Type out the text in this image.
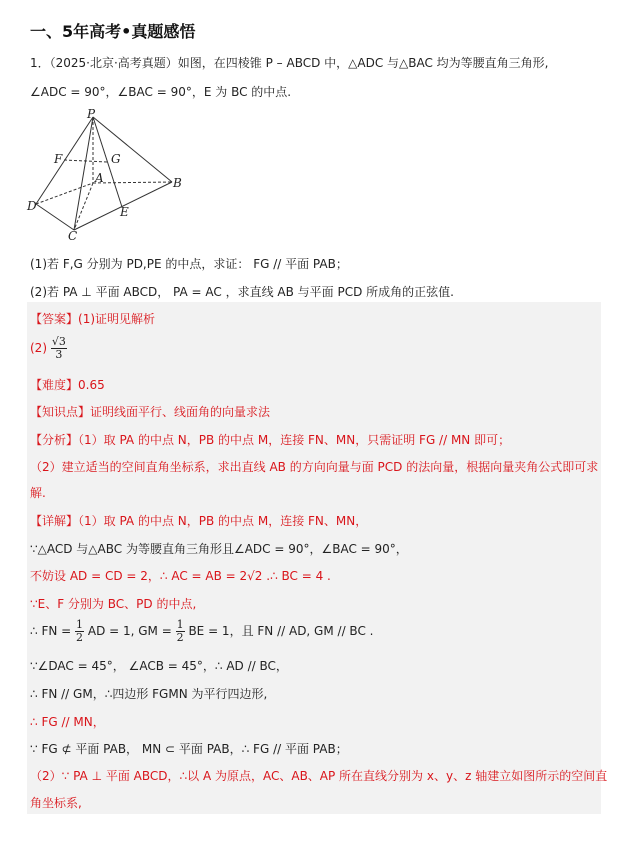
一、5年高考•真题感悟
1．（2025·北京·高考真题）如图，在四棱锥 P – ABCD 中，△ADC 与△BAC 均为等腰直角三角形,
∠ADC = 90°，∠BAC = 90°，E 为 BC 的中点.
P
F	G
A	B
D	E
C
(1)若 F,G 分别为 PD,PE 的中点，求证： FG // 平面 PAB；
(2)若 PA ⊥ 平面 ABCD， PA = AC ，求直线 AB 与平面 PCD 所成角的正弦值.
【答案】(1)证明见解析
$(2) \frac{√3}{3}$
【难度】0.65
【知识点】证明线面平行、线面角的向量求法
【分析】（1）取 PA 的中点 N，PB 的中点 M，连接 FN、MN，只需证明 FG // MN 即可；
（2）建立适当的空间直角坐标系，求出直线 AB 的方向向量与面 PCD 的法向量，根据向量夹角公式即可求
解.
【详解】（1）取 PA 的中点 N，PB 的中点 M，连接 FN、MN，
∵△ACD 与△ABC 为等腰直角三角形且∠ADC = 90°，∠BAC = 90°，
不妨设 AD = CD = 2，∴ AC = AB = 2√2 .∴ BC = 4 .
∵E、F 分别为 BC、PD 的中点,
∴ FN = $\frac{1}{2}$ AD = 1, GM = $\frac{1}{2}$ BE = 1，且 FN // AD, GM // BC .
∵∠DAC = 45°， ∠ACB = 45°，∴ AD // BC，
∴ FN // GM，∴四边形 FGMN 为平行四边形,
∴ FG // MN，
∵ FG ⊄ 平面 PAB， MN ⊂ 平面 PAB，∴ FG // 平面 PAB；
（2）∵ PA ⊥ 平面 ABCD，∴以 A 为原点，AC、AB、AP 所在直线分别为 x、y、z 轴建立如图所示的空间直
角坐标系,
